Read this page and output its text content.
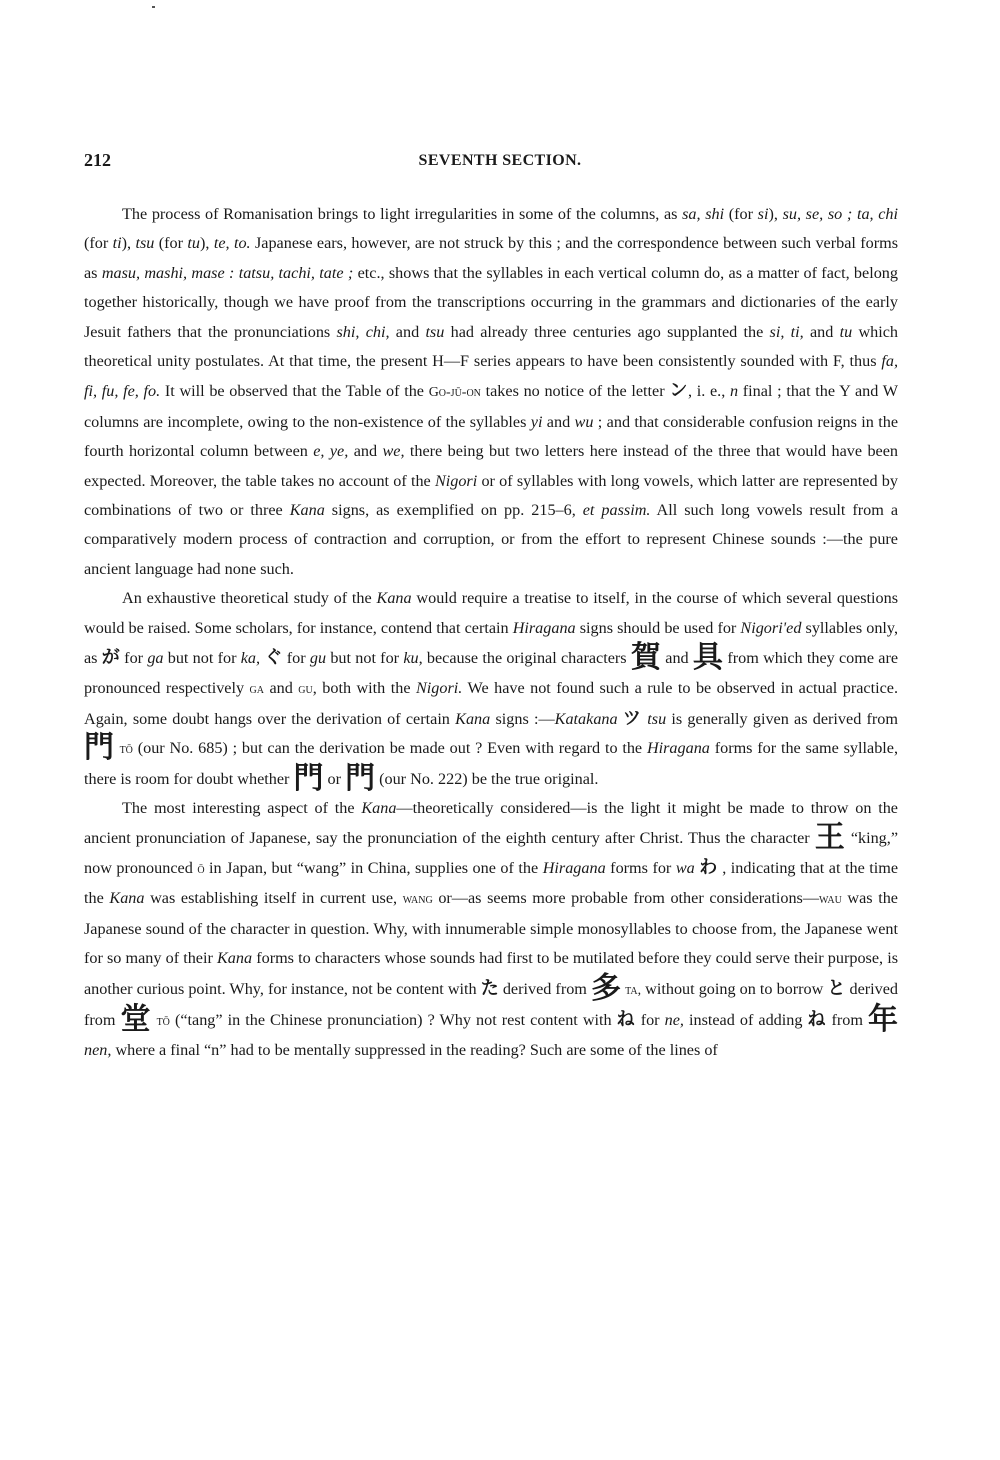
212	SEVENTH SECTION.

The process of Romanisation brings to light irregularities in some of the columns, as sa, shi (for si), su, se, so ; ta, chi (for ti), tsu (for tu), te, to. Japanese ears, however, are not struck by this ; and the correspondence between such verbal forms as masu, mashi, mase : tatsu, tachi, tate ; etc., shows that the syllables in each vertical column do, as a matter of fact, belong together historically, though we have proof from the transcriptions occurring in the grammars and dictionaries of the early Jesuit fathers that the pronunciations shi, chi, and tsu had already three centuries ago supplanted the si, ti, and tu which theoretical unity postulates. At that time, the present H—F series appears to have been consistently sounded with F, thus fa, fi, fu, fe, fo. It will be observed that the Table of the Go-jū-on takes no notice of the letter ン, i. e., n final ; that the Y and W columns are incomplete, owing to the non-existence of the syllables yi and wu ; and that considerable confusion reigns in the fourth horizontal column between e, ye, and we, there being but two letters here instead of the three that would have been expected. Moreover, the table takes no account of the Nigori or of syllables with long vowels, which latter are represented by combinations of two or three Kana signs, as exemplified on pp. 215–6, et passim. All such long vowels result from a comparatively modern process of contraction and corruption, or from the effort to represent Chinese sounds :—the pure ancient language had none such.

An exhaustive theoretical study of the Kana would require a treatise to itself, in the course of which several questions would be raised. Some scholars, for instance, contend that certain Hiragana signs should be used for Nigori'ed syllables only, as が for ga but not for ka, ぐ for gu but not for ku, because the original characters 賀 and 具 from which they come are pronounced respectively ga and gu, both with the Nigori. We have not found such a rule to be observed in actual practice. Again, some doubt hangs over the derivation of certain Kana signs :—Katakana ツ tsu is generally given as derived from 門 tō (our No. 685) ; but can the derivation be made out ? Even with regard to the Hiragana forms for the same syllable, there is room for doubt whether 門 or 門 (our No. 222) be the true original.

The most interesting aspect of the Kana—theoretically considered—is the light it might be made to throw on the ancient pronunciation of Japanese, say the pronunciation of the eighth century after Christ. Thus the character 王 “king,” now pronounced ō in Japan, but “wang” in China, supplies one of the Hiragana forms for wa わ , indicating that at the time the Kana was establishing itself in current use, wang or—as seems more probable from other considerations—wau was the Japanese sound of the character in question. Why, with innumerable simple monosyllables to choose from, the Japanese went for so many of their Kana forms to characters whose sounds had first to be mutilated before they could serve their purpose, is another curious point. Why, for instance, not be content with た derived from 多 ta, without going on to borrow と derived from 堂 tō (“tang” in the Chinese pronunciation) ? Why not rest content with ね for ne, instead of adding ね from 年 nen, where a final “n” had to be mentally suppressed in the reading? Such are some of the lines of
